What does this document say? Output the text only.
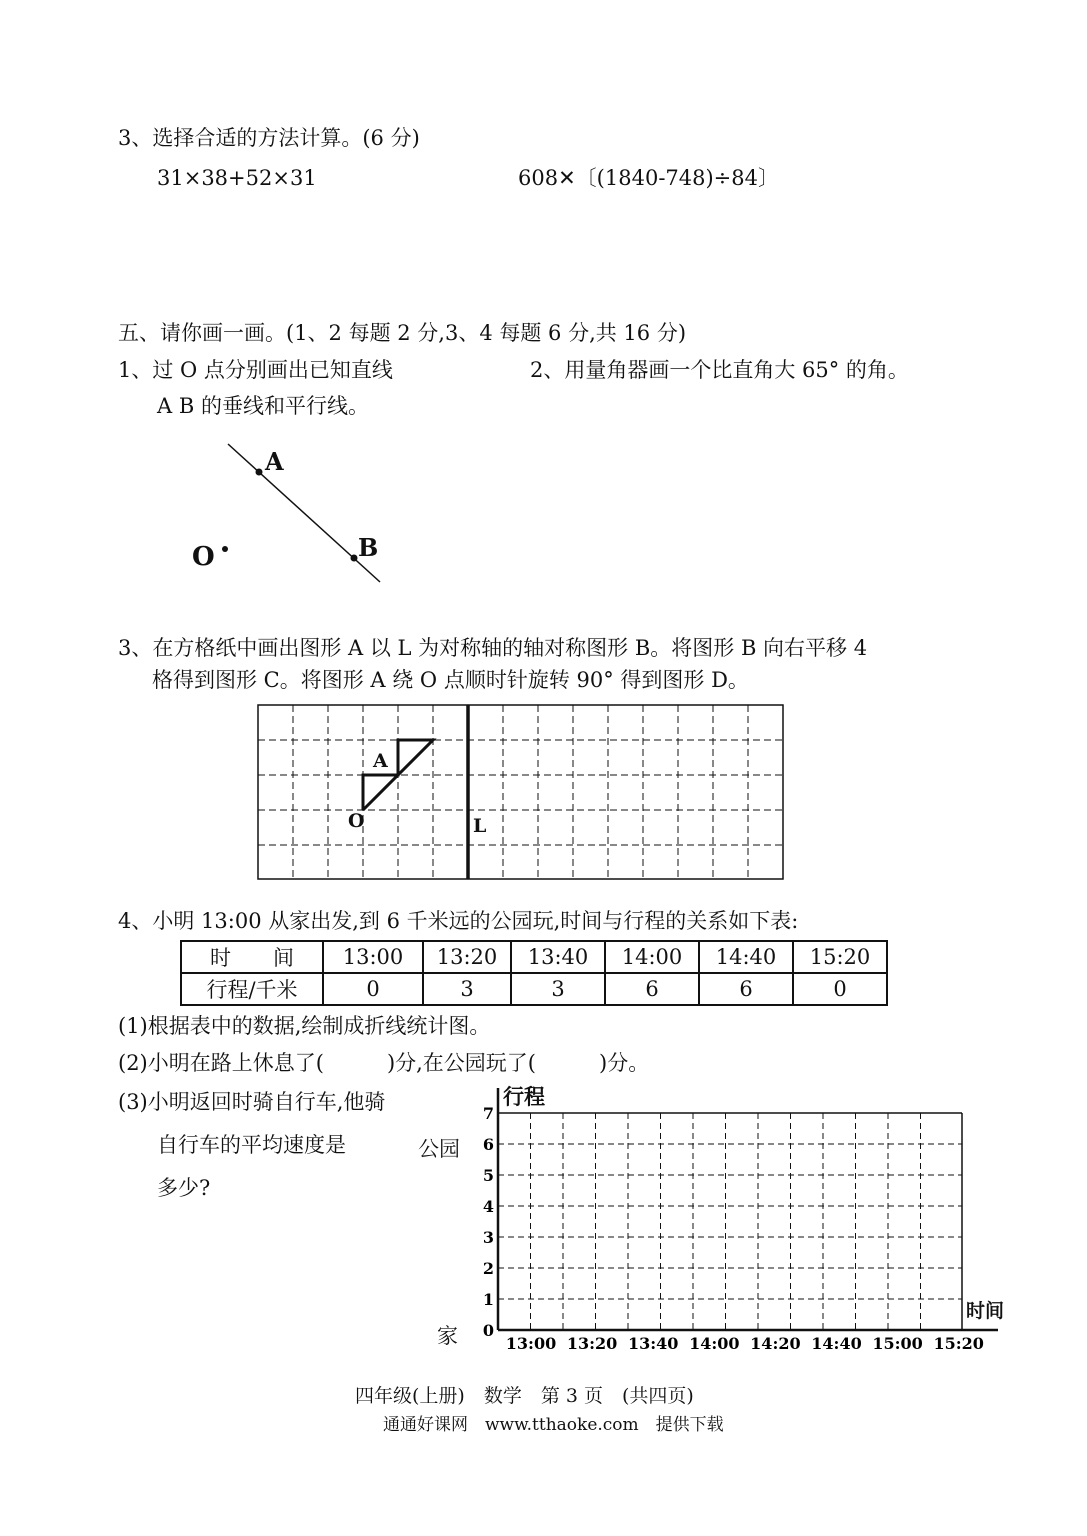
3、选择合适的方法计算。(6 分)
31×38+52×31	608✕〔(1840-748)÷84〕
五、请你画一画。(1、2 每题 2 分,3、4 每题 6 分,共 16 分)
1、过 O 点分别画出已知直线	2、用量角器画一个比直角大 65° 的角。
A B 的垂线和平行线。
A
B
O
3、在方格纸中画出图形 A 以 L 为对称轴的轴对称图形 B。将图形 B 向右平移 4
格得到图形 C。将图形 A 绕 O 点顺时针旋转 90° 得到图形 D。
A
O	L
4、小明 13:00 从家出发,到 6 千米远的公园玩,时间与行程的关系如下表:
时　　间	13:00	13:20	13:40	14:00	14:40	15:20
行程/千米	0	3	3	6	6	0
(1)根据表中的数据,绘制成折线统计图。
(2)小明在路上休息了(　　　)分,在公园玩了(　　　)分。
(3)小明返回时骑自行车,他骑
自行车的平均速度是
多少?
0
1
2
3
4
5
6
7
13:00 13:20 13:40 14:00 14:20 14:40 15:00 15:20
行程
时间
公园
家
四年级(上册)　数学　第 3 页　(共四页)
通通好课网　www.tthaoke.com　提供下载
